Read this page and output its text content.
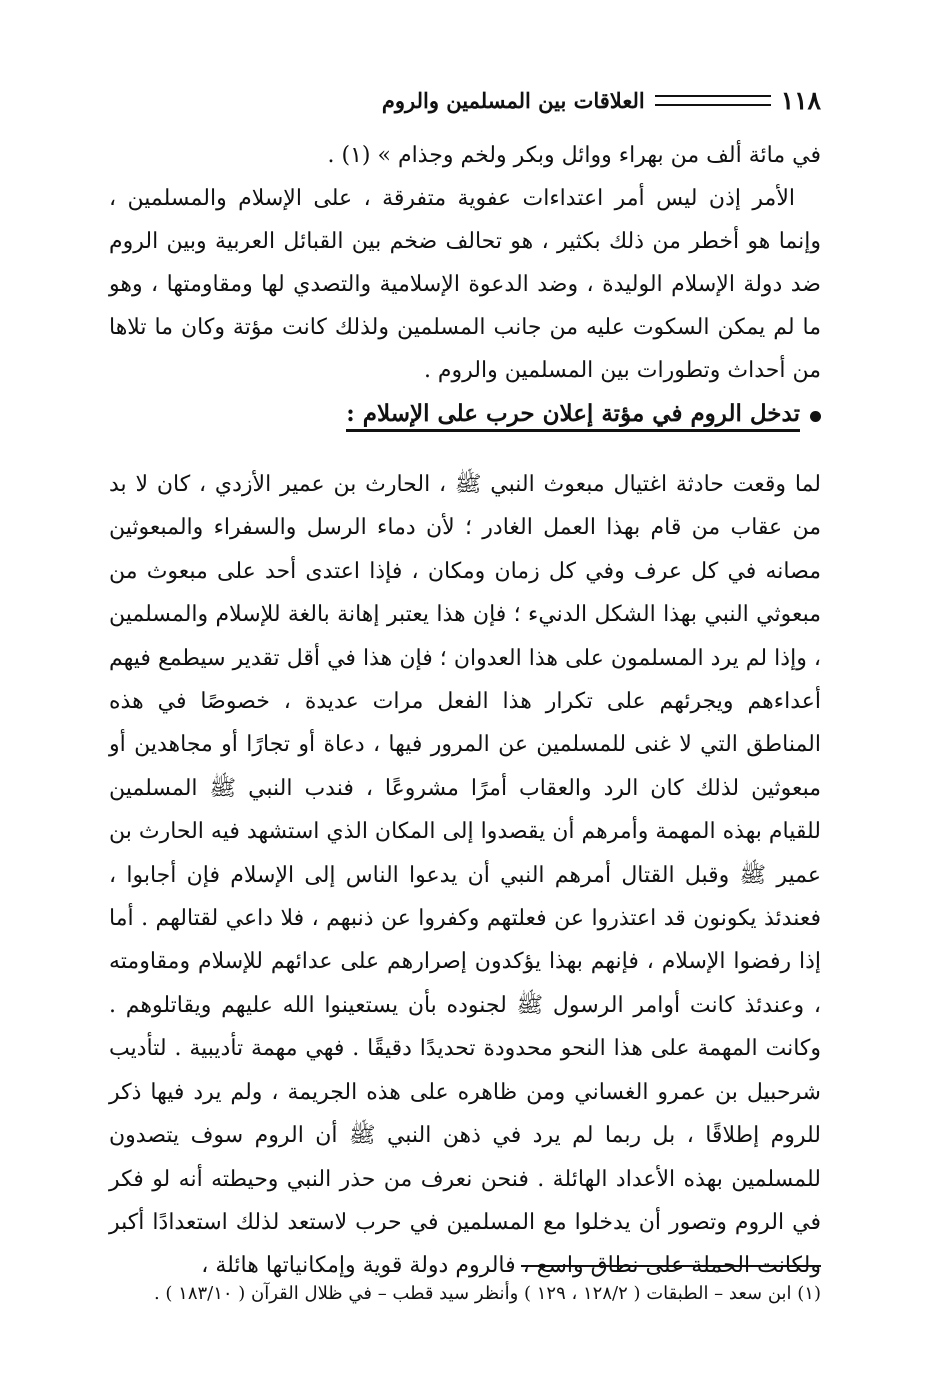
١١٨
العلاقات بين المسلمين والروم

في مائة ألف من بهراء ووائل وبكر ولخم وجذام » (١) .

الأمر إذن ليس أمر اعتداءات عفوية متفرقة ، على الإسلام والمسلمين ، وإنما هو أخطر من ذلك بكثير ، هو تحالف ضخم بين القبائل العربية وبين الروم ضد دولة الإسلام الوليدة ، وضد الدعوة الإسلامية والتصدي لها ومقاومتها ، وهو ما لم يمكن السكوت عليه من جانب المسلمين ولذلك كانت مؤتة وكان ما تلاها من أحداث وتطورات بين المسلمين والروم .

تدخل الروم في مؤتة إعلان حرب على الإسلام :

لما وقعت حادثة اغتيال مبعوث النبي ﷺ ، الحارث بن عمير الأزدي ، كان لا بد من عقاب من قام بهذا العمل الغادر ؛ لأن دماء الرسل والسفراء والمبعوثين مصانه في كل عرف وفي كل زمان ومكان ، فإذا اعتدى أحد على مبعوث من مبعوثي النبي بهذا الشكل الدنيء ؛ فإن هذا يعتبر إهانة بالغة للإسلام والمسلمين ، وإذا لم يرد المسلمون على هذا العدوان ؛ فإن هذا في أقل تقدير سيطمع فيهم أعداءهم ويجرئهم على تكرار هذا الفعل مرات عديدة ، خصوصًا في هذه المناطق التي لا غنى للمسلمين عن المرور فيها ، دعاة أو تجارًا أو مجاهدين أو مبعوثين لذلك كان الرد والعقاب أمرًا مشروعًا ، فندب النبي ﷺ المسلمين للقيام بهذه المهمة وأمرهم أن يقصدوا إلى المكان الذي استشهد فيه الحارث بن عمير ﷺ وقبل القتال أمرهم النبي أن يدعوا الناس إلى الإسلام فإن أجابوا ، فعندئذ يكونون قد اعتذروا عن فعلتهم وكفروا عن ذنبهم ، فلا داعي لقتالهم . أما إذا رفضوا الإسلام ، فإنهم بهذا يؤكدون إصرارهم على عدائهم للإسلام ومقاومته ، وعندئذ كانت أوامر الرسول ﷺ لجنوده بأن يستعينوا الله عليهم ويقاتلوهم . وكانت المهمة على هذا النحو محدودة تحديدًا دقيقًا . فهي مهمة تأديبية . لتأديب شرحبيل بن عمرو الغساني ومن ظاهره على هذه الجريمة ، ولم يرد فيها ذكر للروم إطلاقًا ، بل ربما لم يرد في ذهن النبي ﷺ أن الروم سوف يتصدون للمسلمين بهذه الأعداد الهائلة . فنحن نعرف من حذر النبي وحيطته أنه لو فكر في الروم وتصور أن يدخلوا مع المسلمين في حرب لاستعد لذلك استعدادًا أكبر ولكانت الحملة على نطاق واسع ، فالروم دولة قوية وإمكانياتها هائلة ،

(١) ابن سعد – الطبقات ( ١٢٨/٢ ، ١٢٩ ) وأنظر سيد قطب – في ظلال القرآن ( ١٨٣/١٠ ) .
